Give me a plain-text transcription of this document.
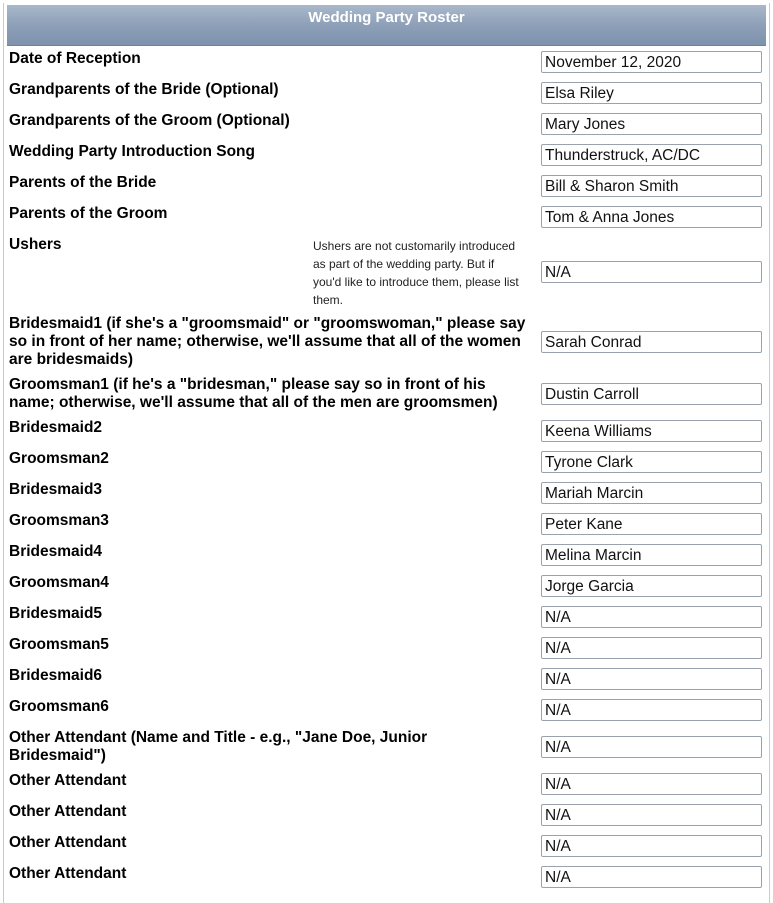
Wedding Party Roster
Date of Reception
November 12, 2020
Grandparents of the Bride (Optional)
Elsa Riley
Grandparents of the Groom (Optional)
Mary Jones
Wedding Party Introduction Song
Thunderstruck, AC/DC
Parents of the Bride
Bill & Sharon Smith
Parents of the Groom
Tom & Anna Jones
Ushers	Ushers are not customarily introduced as part of the wedding party. But if you'd like to introduce them, please list them.
N/A
Bridesmaid1 (if she's a "groomsmaid" or "groomswoman," please say so in front of her name; otherwise, we'll assume that all of the women are bridesmaids)
Sarah Conrad
Groomsman1 (if he's a "bridesman," please say so in front of his name; otherwise, we'll assume that all of the men are groomsmen)
Dustin Carroll
Bridesmaid2
Keena Williams
Groomsman2
Tyrone Clark
Bridesmaid3
Mariah Marcin
Groomsman3
Peter Kane
Bridesmaid4
Melina Marcin
Groomsman4
Jorge Garcia
Bridesmaid5
N/A
Groomsman5
N/A
Bridesmaid6
N/A
Groomsman6
N/A
Other Attendant (Name and Title - e.g., "Jane Doe, Junior Bridesmaid")
N/A
Other Attendant
N/A
Other Attendant
N/A
Other Attendant
N/A
Other Attendant
N/A
